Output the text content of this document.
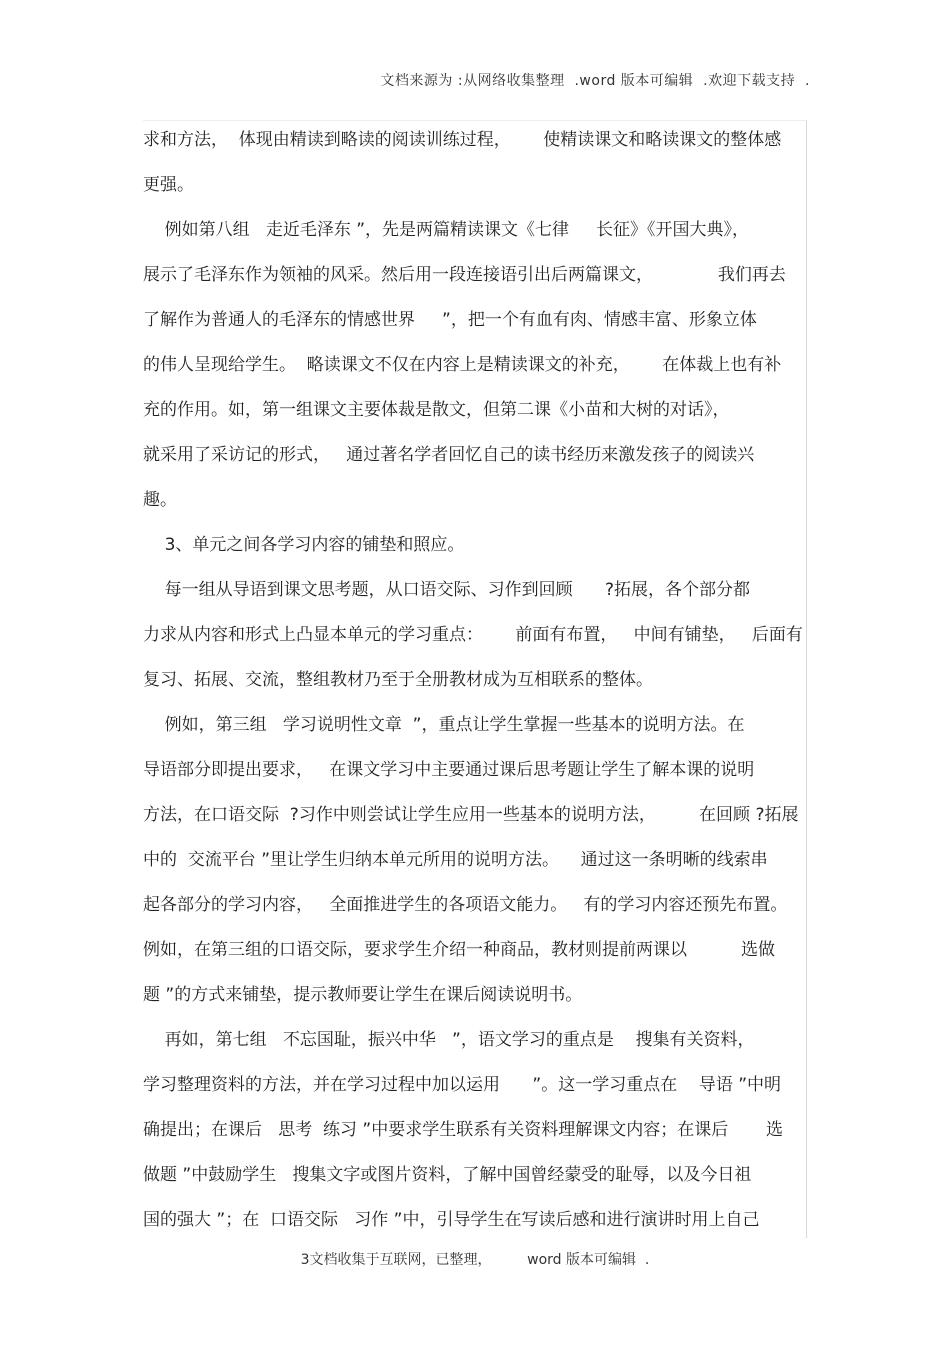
文档来源为 :从网络收集整理  .word 版本可编辑  .欢迎下载支持  .
求和方法，  体现由精读到略读的阅读训练过程，      使精读课文和略读课文的整体感
更强。
例如第八组   走近毛泽东 ”，先是两篇精读课文《七律     长征》《开国大典》，
展示了毛泽东作为领袖的风采。然后用一段连接语引出后两篇课文，            我们再去
了解作为普通人的毛泽东的情感世界     ”，把一个有血有肉、情感丰富、形象立体
的伟人呈现给学生。  略读课文不仅在内容上是精读课文的补充，      在体裁上也有补
充的作用。如，第一组课文主要体裁是散文，但第二课《小苗和大树的对话》，
就采用了采访记的形式，   通过著名学者回忆自己的读书经历来激发孩子的阅读兴
趣。
3、单元之间各学习内容的铺垫和照应。
每一组从导语到课文思考题，从口语交际、习作到回顾      ?拓展，各个部分都
力求从内容和形式上凸显本单元的学习重点：      前面有布置，   中间有铺垫，   后面有
复习、拓展、交流，整组教材乃至于全册教材成为互相联系的整体。
例如，第三组   学习说明性文章  ”，重点让学生掌握一些基本的说明方法。在
导语部分即提出要求，   在课文学习中主要通过课后思考题让学生了解本课的说明
方法，在口语交际  ?习作中则尝试让学生应用一些基本的说明方法，        在回顾 ?拓展
中的  交流平台 ”里让学生归纳本单元所用的说明方法。    通过这一条明晰的线索串
起各部分的学习内容，   全面推进学生的各项语文能力。   有的学习内容还预先布置。
例如，在第三组的口语交际，要求学生介绍一种商品，教材则提前两课以          选做
题 ”的方式来铺垫，提示教师要让学生在课后阅读说明书。
再如，第七组   不忘国耻，振兴中华   ”，语文学习的重点是    搜集有关资料，
学习整理资料的方法，并在学习过程中加以运用      ”。这一学习重点在    导语 ”中明
确提出；在课后   思考  练习 ”中要求学生联系有关资料理解课文内容；在课后       选
做题 ”中鼓励学生   搜集文字或图片资料，了解中国曾经蒙受的耻辱，以及今日祖
国的强大 ”；在  口语交际   习作 ”中，引导学生在写读后感和进行演讲时用上自己
3文档收集于互联网，已整理，        word 版本可编辑  .
